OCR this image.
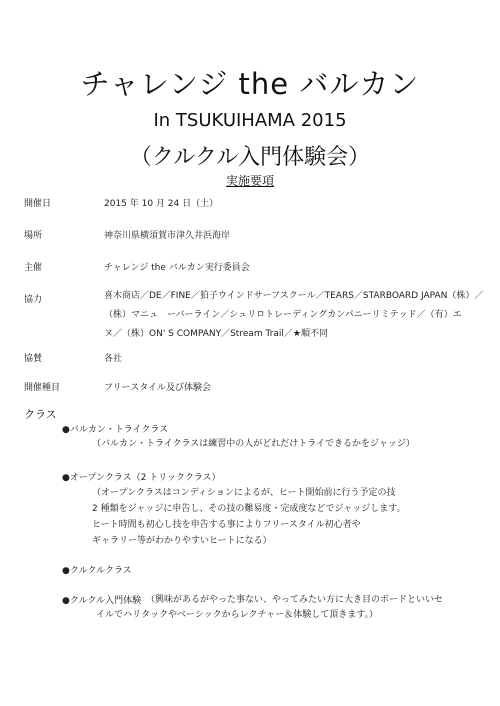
チャレンジ the バルカン
In TSUKUIHAMA 2015
（クルクル入門体験会）
実施要項
開催日	2015 年 10 月 24 日（土）
場所	神奈川県横須賀市津久井浜海岸
主催	チャレンジ the バルカン実行委員会
協力	喜木商店／DE／FINE／狛子ウインドサーフスクール／TEARS／STARBOARD JAPAN（株）／
（株）マニュ　ーバーライン／シュリロトレーディングカンパニーリミテッド／（有）エ
ヌ／（株）ON' S COMPANY／Stream Trail／★順不同
協賛	各社
開催種目	フリースタイル及び体験会
クラス
●バルカン・トライクラス
（バルカン・トライクラスは練習中の人がどれだけトライできるかをジャッジ）
●オープンクラス（2 トリッククラス）
（オープンクラスはコンディションによるが、ヒート開始前に行う予定の技
2 種類をジャッジに申告し、その技の難易度・完成度などでジャッジします。
ヒート時間も初心し技を申告する事によりフリースタイル初心者や
ギャラリー等がわかりやすいヒートになる）
●クルクルクラス
●クルクル入門体験 （興味があるがやった事ない、やってみたい方に大き目のボードといいセ
イルでハリタックやベーシックからレクチャー＆体験して頂きます。）
